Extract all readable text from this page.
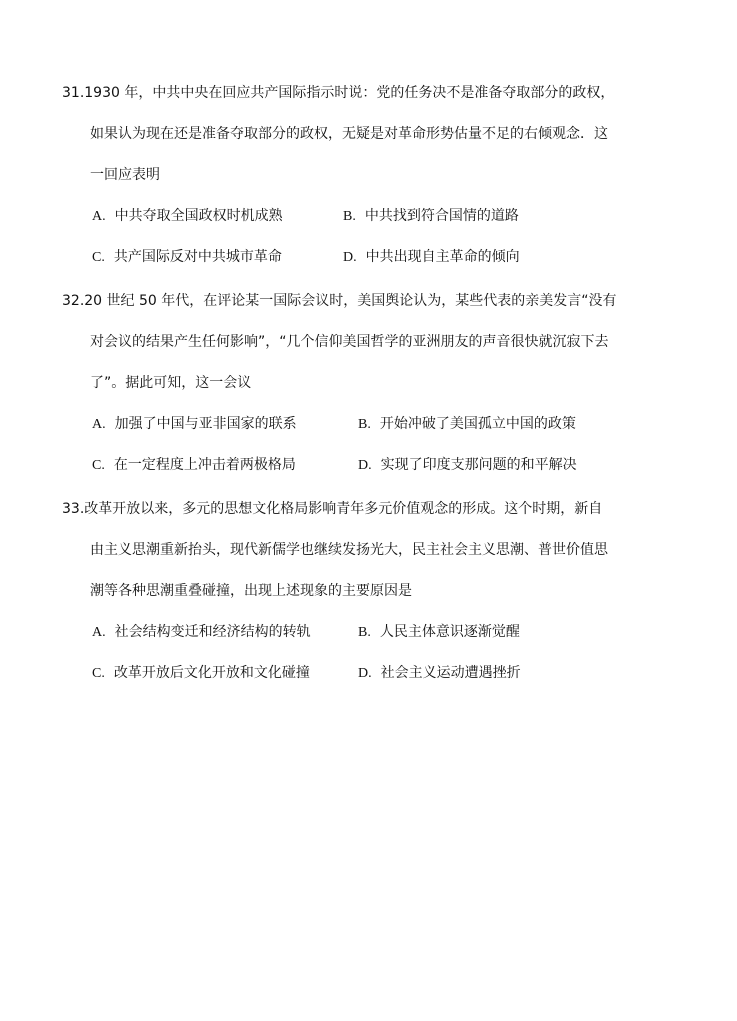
31.1930 年，中共中央在回应共产国际指示时说：党的任务决不是准备夺取部分的政权，
如果认为现在还是准备夺取部分的政权，无疑是对革命形势估量不足的右倾观念．这
一回应表明
A. 中共夺取全国政权时机成熟	B. 中共找到符合国情的道路
C. 共产国际反对中共城市革命	D. 中共出现自主革命的倾向
32.20 世纪 50 年代，在评论某一国际会议时，美国舆论认为，某些代表的亲美发言“没有
对会议的结果产生任何影响”，“几个信仰美国哲学的亚洲朋友的声音很快就沉寂下去
了”。据此可知，这一会议
A. 加强了中国与亚非国家的联系	B. 开始冲破了美国孤立中国的政策
C. 在一定程度上冲击着两极格局	D. 实现了印度支那问题的和平解决
33.改革开放以来，多元的思想文化格局影响青年多元价值观念的形成。这个时期，新自
由主义思潮重新抬头，现代新儒学也继续发扬光大，民主社会主义思潮、普世价值思
潮等各种思潮重叠碰撞，出现上述现象的主要原因是
A. 社会结构变迁和经济结构的转轨	B. 人民主体意识逐渐觉醒
C. 改革开放后文化开放和文化碰撞	D. 社会主义运动遭遇挫折
